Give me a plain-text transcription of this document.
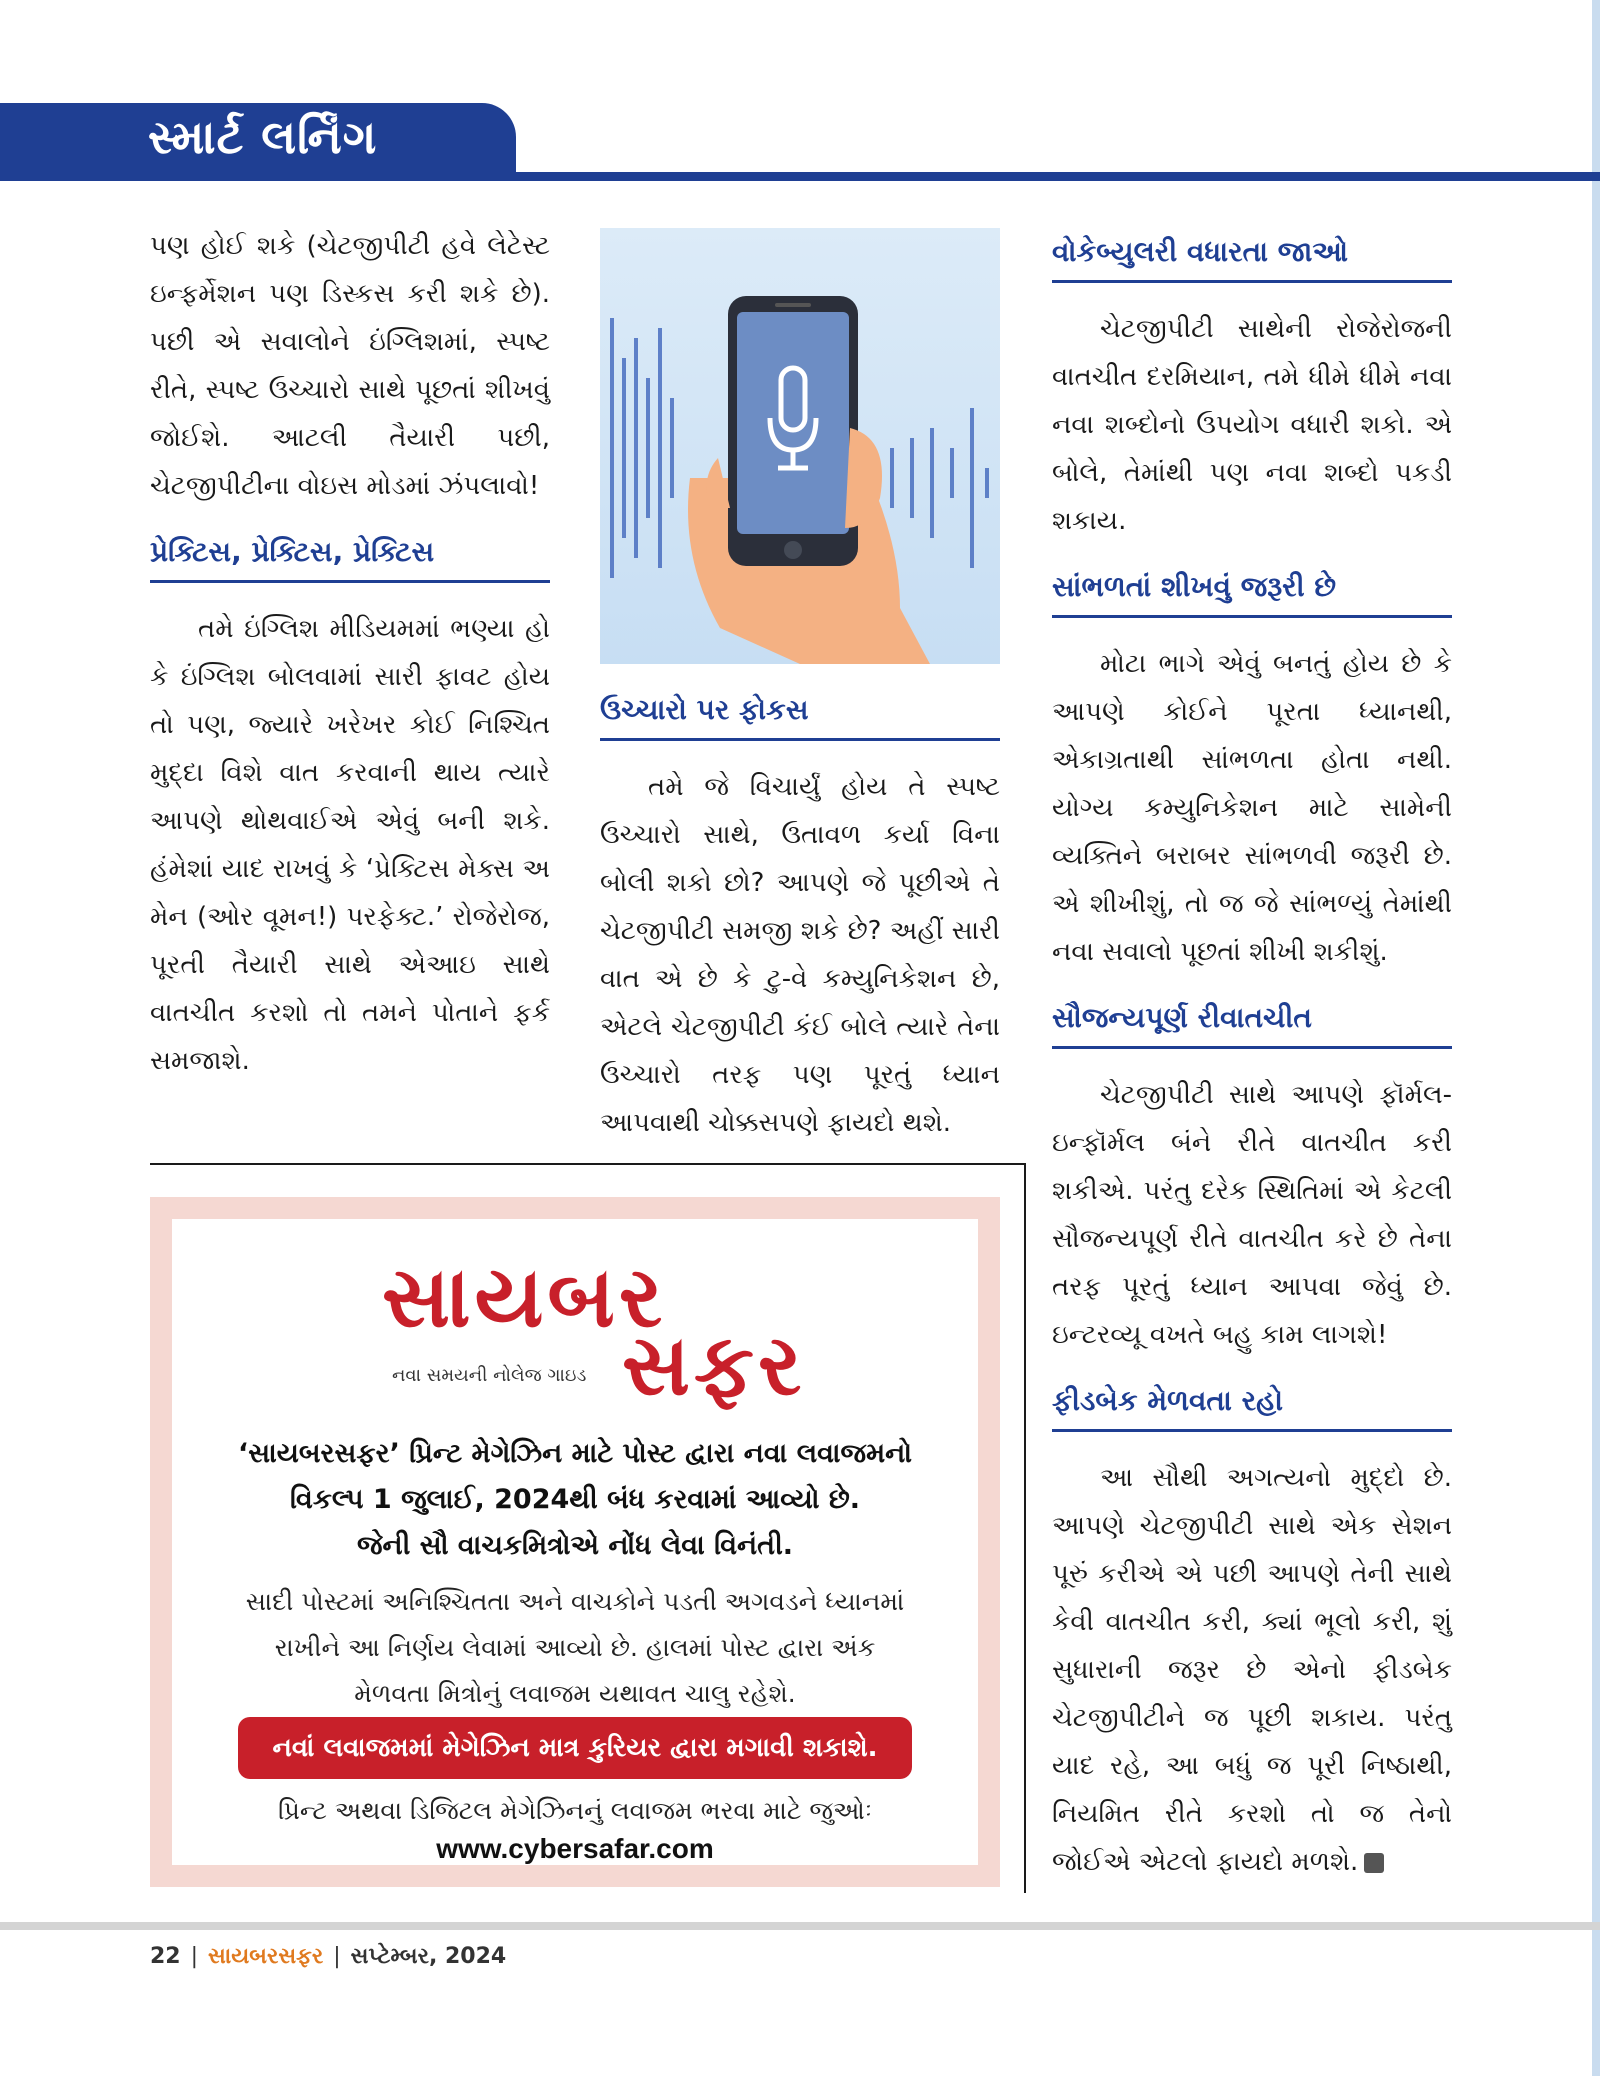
સ્માર્ટ લર્નિંગ

પણ હોઈ શકે (ચેટજીપીટી હવે લેટેસ્ટ ઇન્ફર્મેશન પણ ડિસ્કસ કરી શકે છે). પછી એ સવાલોને ઇંગ્લિશમાં, સ્પષ્ટ રીતે, સ્પષ્ટ ઉચ્ચારો સાથે પૂછતાં શીખવું જોઈશે. આટલી તૈયારી પછી, ચેટજીપીટીના વોઇસ મોડમાં ઝંપલાવો!

પ્રેક્ટિસ, પ્રેક્ટિસ, પ્રેક્ટિસ

તમે ઇંગ્લિશ મીડિયમમાં ભણ્યા હો કે ઇંગ્લિશ બોલવામાં સારી ફાવટ હોય તો પણ, જ્યારે ખરેખર કોઈ નિશ્ચિત મુદ્દા વિશે વાત કરવાની થાય ત્યારે આપણે થોથવાઈએ એવું બની શકે. હંમેશાં યાદ રાખવું કે ‘પ્રેક્ટિસ મેક્સ અ મેન (ઓર વૂમન!) પરફેક્ટ.’ રોજેરોજ, પૂરતી તૈયારી સાથે એઆઇ સાથે વાતચીત કરશો તો તમને પોતાને ફર્ક સમજાશે.

ઉચ્ચારો પર ફોકસ

તમે જે વિચાર્યું હોય તે સ્પષ્ટ ઉચ્ચારો સાથે, ઉતાવળ કર્યા વિના બોલી શકો છો? આપણે જે પૂછીએ તે ચેટજીપીટી સમજી શકે છે? અહીં સારી વાત એ છે કે ટુ-વે કમ્યુનિકેશન છે, એટલે ચેટજીપીટી કંઈ બોલે ત્યારે તેના ઉચ્ચારો તરફ પણ પૂરતું ધ્યાન આપવાથી ચોક્કસપણે ફાયદો થશે.

વોકેબ્યુલરી વધારતા જાઓ

ચેટજીપીટી સાથેની રોજેરોજની વાતચીત દરમિયાન, તમે ધીમે ધીમે નવા નવા શબ્દોનો ઉપયોગ વધારી શકો. એ બોલે, તેમાંથી પણ નવા શબ્દો પકડી શકાય.

સાંભળતાં શીખવું જરૂરી છે

મોટા ભાગે એવું બનતું હોય છે કે આપણે કોઈને પૂરતા ધ્યાનથી, એકાગ્રતાથી સાંભળતા હોતા નથી. યોગ્ય કમ્યુનિકેશન માટે સામેની વ્યક્તિને બરાબર સાંભળવી જરૂરી છે. એ શીખીશું, તો જ જે સાંભળ્યું તેમાંથી નવા સવાલો પૂછતાં શીખી શકીશું.

સૌજન્યપૂર્ણ રીવાતચીત

ચેટજીપીટી સાથે આપણે ફૉર્મલ-ઇન્ફૉર્મલ બંને રીતે વાતચીત કરી શકીએ. પરંતુ દરેક સ્થિતિમાં એ કેટલી સૌજન્યપૂર્ણ રીતે વાતચીત કરે છે તેના તરફ પૂરતું ધ્યાન આપવા જેવું છે. ઇન્ટરવ્યૂ વખતે બહુ કામ લાગશે!

ફીડબેક મેળવતા રહો

આ સૌથી અગત્યનો મુદ્દો છે. આપણે ચેટજીપીટી સાથે એક સેશન પૂરું કરીએ એ પછી આપણે તેની સાથે કેવી વાતચીત કરી, ક્યાં ભૂલો કરી, શું સુધારાની જરૂર છે એનો ફીડબેક ચેટજીપીટીને જ પૂછી શકાય. પરંતુ યાદ રહે, આ બધું જ પૂરી નિષ્ઠાથી, નિયમિત રીતે કરશો તો જ તેનો જોઈએ એટલો ફાયદો મળશે.

સાયબર
સફર
નવા સમયની નોલેજ ગાઇડ
‘સાયબરસફર’ પ્રિન્ટ મેગેઝિન માટે પોસ્ટ દ્વારા નવા લવાજમનો
વિકલ્પ 1 જુલાઈ, 2024થી બંધ કરવામાં આવ્યો છે.
જેની સૌ વાચકમિત્રોએ નોંધ લેવા વિનંતી.
સાદી પોસ્ટમાં અનિશ્ચિતતા અને વાચકોને પડતી અગવડને ધ્યાનમાં
રાખીને આ નિર્ણય લેવામાં આવ્યો છે. હાલમાં પોસ્ટ દ્વારા અંક
મેળવતા મિત્રોનું લવાજમ યથાવત ચાલુ રહેશે.
નવાં લવાજમમાં મેગેઝિન માત્ર કુરિયર દ્વારા મગાવી શકાશે.
પ્રિન્ટ અથવા ડિજિટલ મેગેઝિનનું લવાજમ ભરવા માટે જુઓઃ
www.cybersafar.com
22 | સાયબરસફર | સપ્ટેમ્બર, 2024
